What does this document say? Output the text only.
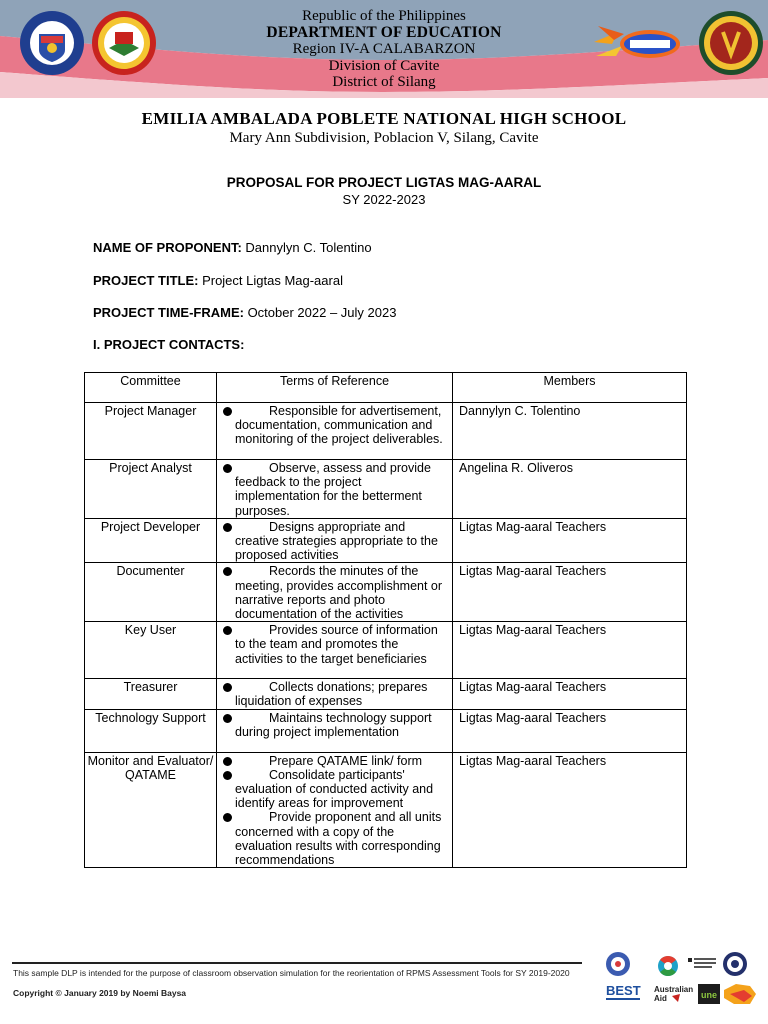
Republic of the Philippines
DEPARTMENT OF EDUCATION
Region IV-A CALABARZON
Division of Cavite
District of Silang
EMILIA AMBALADA POBLETE NATIONAL HIGH SCHOOL
Mary Ann Subdivision, Poblacion V, Silang, Cavite
PROPOSAL FOR PROJECT LIGTAS MAG-AARAL
SY 2022-2023
NAME OF PROPONENT: Dannylyn C. Tolentino
PROJECT TITLE: Project Ligtas Mag-aaral
PROJECT TIME-FRAME: October 2022 – July 2023
I. PROJECT CONTACTS:
Committee	Terms of Reference	Members
Project Manager	Responsible for advertisement, documentation, communication and monitoring of the project deliverables.	Dannylyn C. Tolentino
Project Analyst	Observe, assess and provide feedback to the project implementation for the betterment purposes.	Angelina R. Oliveros
Project Developer	Designs appropriate and creative strategies appropriate to the proposed activities	Ligtas Mag-aaral Teachers
Documenter	Records the minutes of the meeting, provides accomplishment or narrative reports and photo documentation of the activities	Ligtas Mag-aaral Teachers
Key User	Provides source of information to the team and promotes the activities to the target beneficiaries	Ligtas Mag-aaral Teachers
Treasurer	Collects donations; prepares liquidation of expenses	Ligtas Mag-aaral Teachers
Technology Support	Maintains technology support during project implementation	Ligtas Mag-aaral Teachers
Monitor and Evaluator/ QATAME	Prepare QATAME link/ form
Consolidate participants' evaluation of conducted activity and identify areas for improvement
Provide proponent and all units concerned with a copy of the evaluation results with corresponding recommendations	Ligtas Mag-aaral Teachers
This sample DLP is intended for the purpose of classroom observation simulation for the reorientation of RPMS Assessment Tools for SY 2019-2020
Copyright © January 2019 by Noemi Baysa	BEST Australian
Aid	une
